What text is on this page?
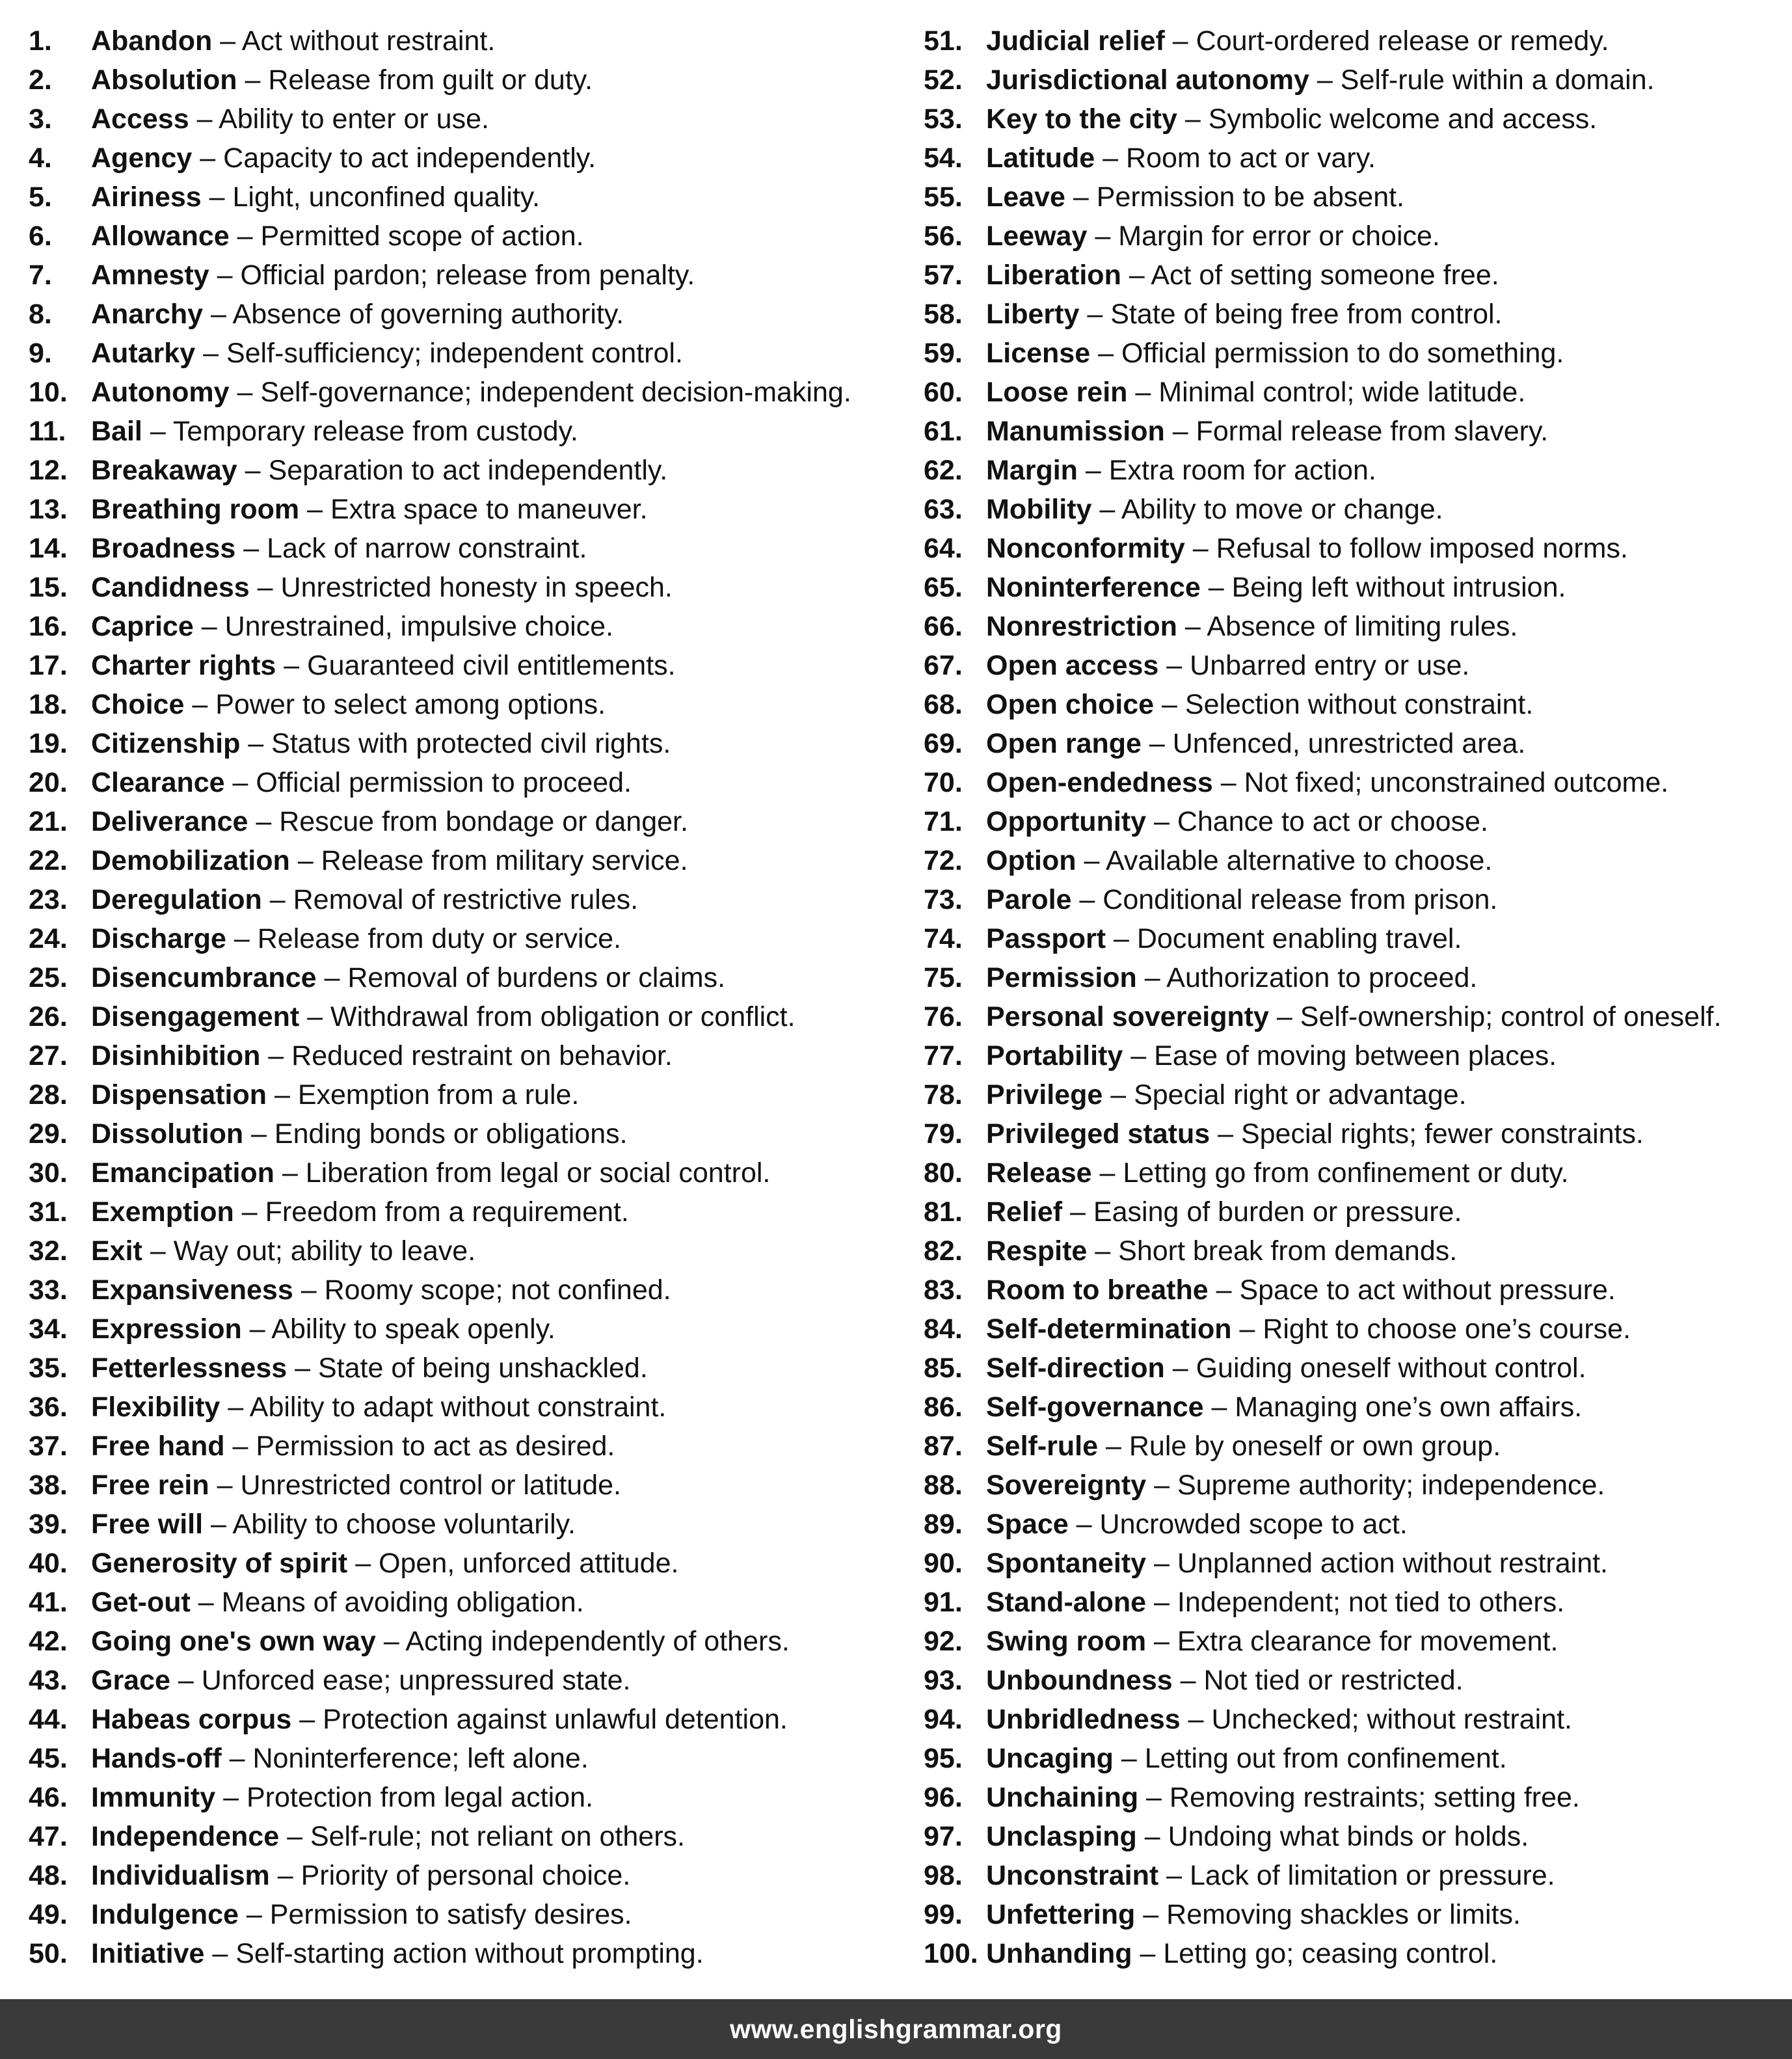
1.	Abandon – Act without restraint.
2.	Absolution – Release from guilt or duty.
3.	Access – Ability to enter or use.
4.	Agency – Capacity to act independently.
5.	Airiness – Light, unconfined quality.
6.	Allowance – Permitted scope of action.
7.	Amnesty – Official pardon; release from penalty.
8.	Anarchy – Absence of governing authority.
9.	Autarky – Self-sufficiency; independent control.
10. Autonomy – Self-governance; independent decision-making.
11. Bail – Temporary release from custody.
12. Breakaway – Separation to act independently.
13. Breathing room – Extra space to maneuver.
14. Broadness – Lack of narrow constraint.
15. Candidness – Unrestricted honesty in speech.
16. Caprice – Unrestrained, impulsive choice.
17. Charter rights – Guaranteed civil entitlements.
18. Choice – Power to select among options.
19. Citizenship – Status with protected civil rights.
20. Clearance – Official permission to proceed.
21. Deliverance – Rescue from bondage or danger.
22. Demobilization – Release from military service.
23. Deregulation – Removal of restrictive rules.
24. Discharge – Release from duty or service.
25. Disencumbrance – Removal of burdens or claims.
26. Disengagement – Withdrawal from obligation or conflict.
27. Disinhibition – Reduced restraint on behavior.
28. Dispensation – Exemption from a rule.
29. Dissolution – Ending bonds or obligations.
30. Emancipation – Liberation from legal or social control.
31. Exemption – Freedom from a requirement.
32. Exit – Way out; ability to leave.
33. Expansiveness – Roomy scope; not confined.
34. Expression – Ability to speak openly.
35. Fetterlessness – State of being unshackled.
36. Flexibility – Ability to adapt without constraint.
37. Free hand – Permission to act as desired.
38. Free rein – Unrestricted control or latitude.
39. Free will – Ability to choose voluntarily.
40. Generosity of spirit – Open, unforced attitude.
41. Get-out – Means of avoiding obligation.
42. Going one's own way – Acting independently of others.
43. Grace – Unforced ease; unpressured state.
44. Habeas corpus – Protection against unlawful detention.
45. Hands-off – Noninterference; left alone.
46. Immunity – Protection from legal action.
47. Independence – Self-rule; not reliant on others.
48. Individualism – Priority of personal choice.
49. Indulgence – Permission to satisfy desires.
50. Initiative – Self-starting action without prompting.
51. Judicial relief – Court-ordered release or remedy.
52. Jurisdictional autonomy – Self-rule within a domain.
53. Key to the city – Symbolic welcome and access.
54. Latitude – Room to act or vary.
55. Leave – Permission to be absent.
56. Leeway – Margin for error or choice.
57. Liberation – Act of setting someone free.
58. Liberty – State of being free from control.
59. License – Official permission to do something.
60. Loose rein – Minimal control; wide latitude.
61. Manumission – Formal release from slavery.
62. Margin – Extra room for action.
63. Mobility – Ability to move or change.
64. Nonconformity – Refusal to follow imposed norms.
65. Noninterference – Being left without intrusion.
66. Nonrestriction – Absence of limiting rules.
67. Open access – Unbarred entry or use.
68. Open choice – Selection without constraint.
69. Open range – Unfenced, unrestricted area.
70. Open-endedness – Not fixed; unconstrained outcome.
71. Opportunity – Chance to act or choose.
72. Option – Available alternative to choose.
73. Parole – Conditional release from prison.
74. Passport – Document enabling travel.
75. Permission – Authorization to proceed.
76. Personal sovereignty – Self-ownership; control of oneself.
77. Portability – Ease of moving between places.
78. Privilege – Special right or advantage.
79. Privileged status – Special rights; fewer constraints.
80. Release – Letting go from confinement or duty.
81. Relief – Easing of burden or pressure.
82. Respite – Short break from demands.
83. Room to breathe – Space to act without pressure.
84. Self-determination – Right to choose one’s course.
85. Self-direction – Guiding oneself without control.
86. Self-governance – Managing one’s own affairs.
87. Self-rule – Rule by oneself or own group.
88. Sovereignty – Supreme authority; independence.
89. Space – Uncrowded scope to act.
90. Spontaneity – Unplanned action without restraint.
91. Stand-alone – Independent; not tied to others.
92. Swing room – Extra clearance for movement.
93. Unboundness – Not tied or restricted.
94. Unbridledness – Unchecked; without restraint.
95. Uncaging – Letting out from confinement.
96. Unchaining – Removing restraints; setting free.
97. Unclasping – Undoing what binds or holds.
98. Unconstraint – Lack of limitation or pressure.
99. Unfettering – Removing shackles or limits.
100. Unhanding – Letting go; ceasing control.
www.englishgrammar.org
